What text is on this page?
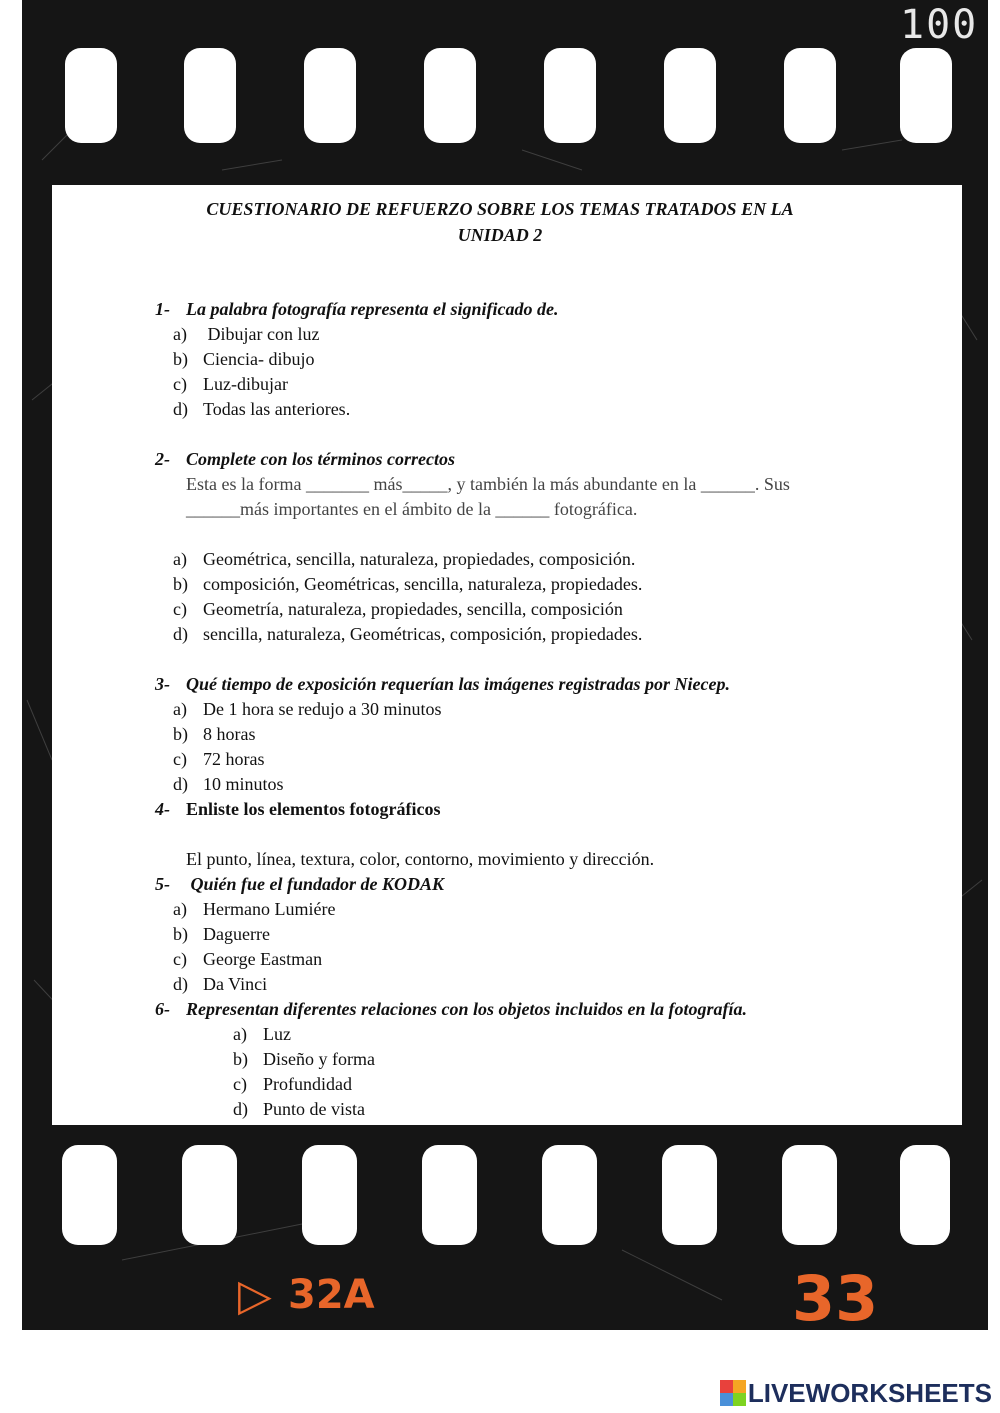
100
▷ 32A	33
CUESTIONARIO DE REFUERZO SOBRE LOS TEMAS TRATADOS EN LA
UNIDAD 2
1- La palabra fotografía representa el significado de.
a) Dibujar con luz
b) Ciencia- dibujo
c) Luz-dibujar
d) Todas las anteriores.
2- Complete con los términos correctos
Esta es la forma _______ más_____, y también la más abundante en la ______. Sus
______más importantes en el ámbito de la ______ fotográfica.
a) Geométrica, sencilla, naturaleza, propiedades, composición.
b) composición, Geométricas, sencilla, naturaleza, propiedades.
c) Geometría, naturaleza, propiedades, sencilla, composición
d) sencilla, naturaleza, Geométricas, composición, propiedades.
3- Qué tiempo de exposición requerían las imágenes registradas por Niecep.
a) De 1 hora se redujo a 30 minutos
b) 8 horas
c) 72 horas
d) 10 minutos
4- Enliste los elementos fotográficos
El punto, línea, textura, color, contorno, movimiento y dirección.
5- Quién fue el fundador de KODAK
a) Hermano Lumiére
b) Daguerre
c) George Eastman
d) Da Vinci
6- Representan diferentes relaciones con los objetos incluidos en la fotografía.
a) Luz
b) Diseño y forma
c) Profundidad
d) Punto de vista
LIVEWORKSHEETS
